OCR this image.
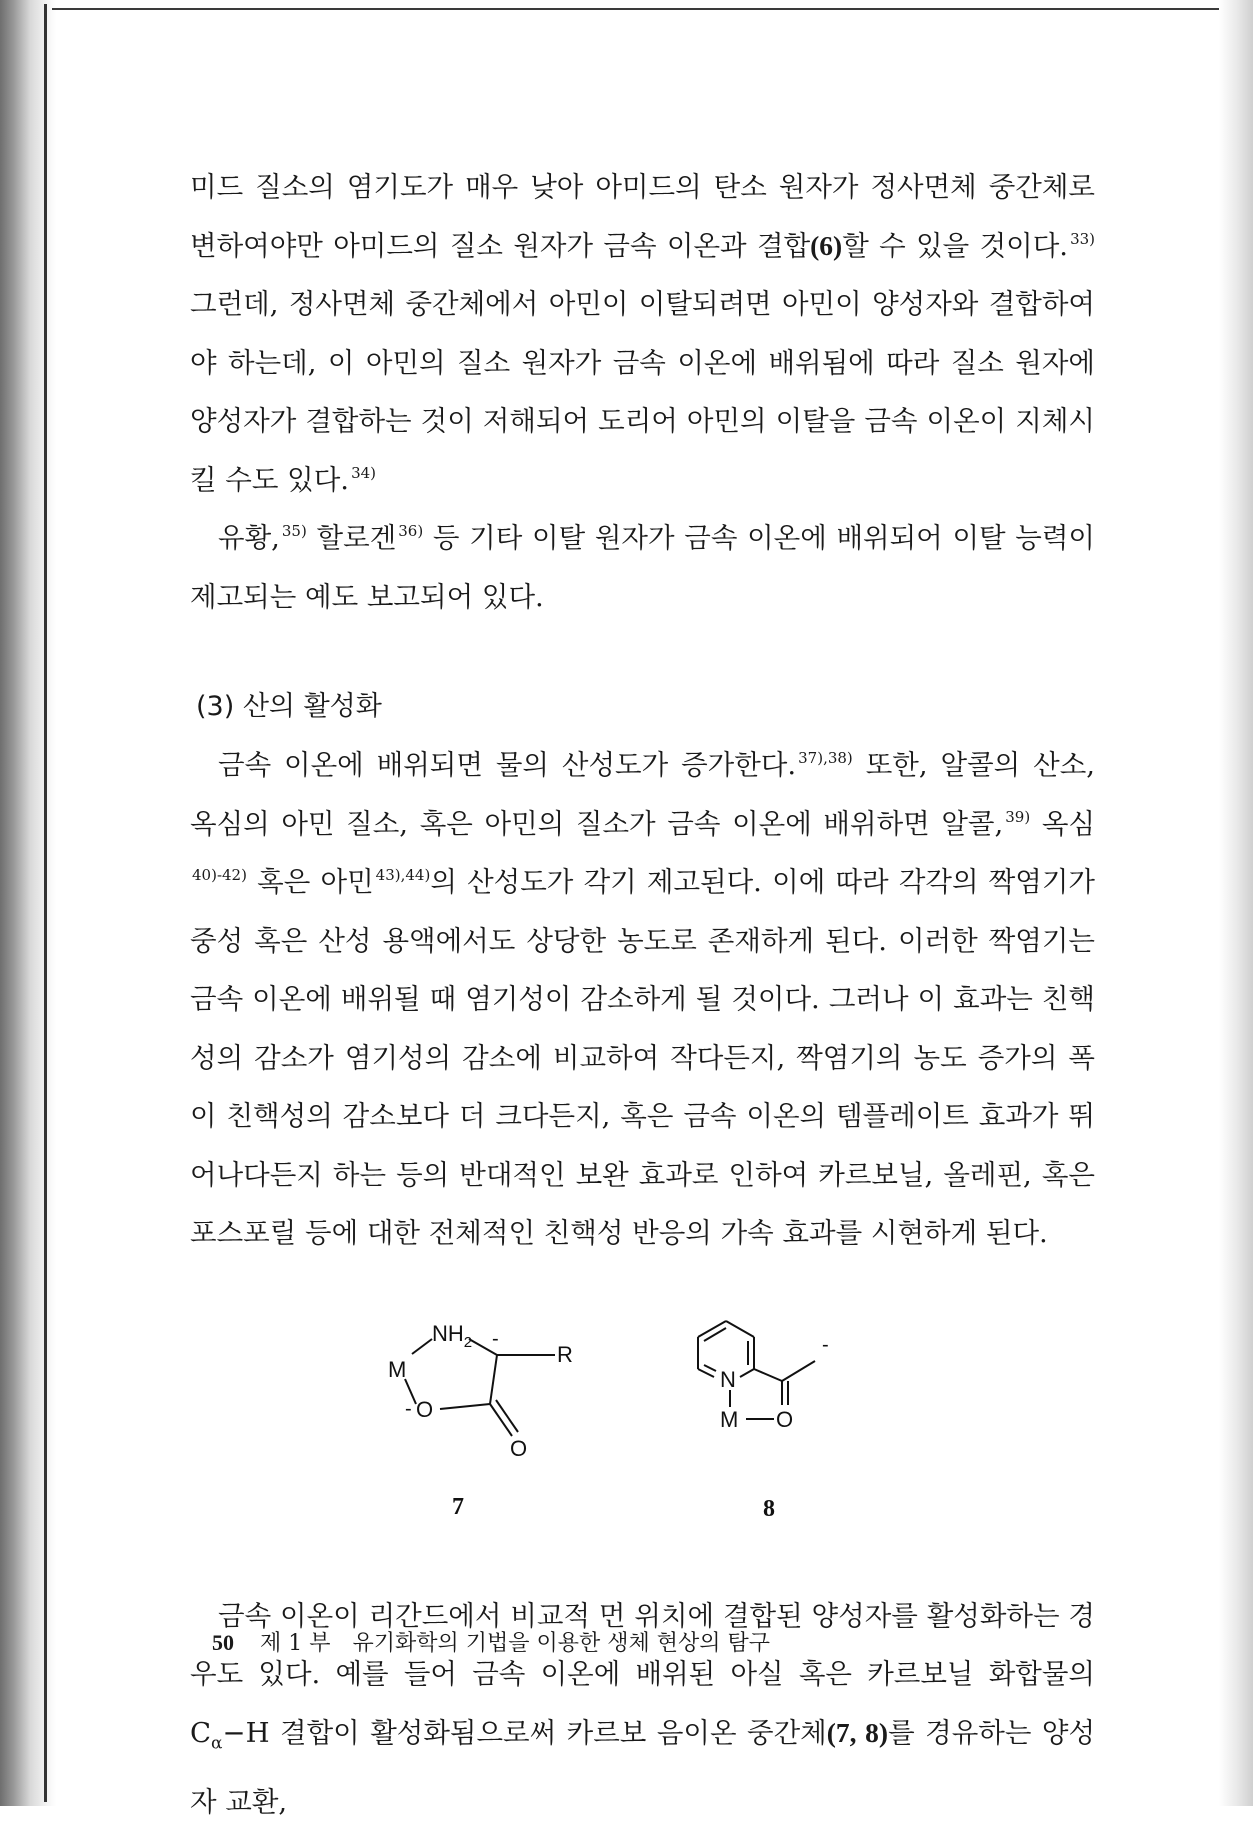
미드 질소의 염기도가 매우 낮아 아미드의 탄소 원자가 정사면체 중간체로 변하여야만 아미드의 질소 원자가 금속 이온과 결합(6)할 수 있을 것이다. $^{33)}$ 그런데, 정사면체 중간체에서 아민이 이탈되려면 아민이 양성자와 결합하여야 하는데, 이 아민의 질소 원자가 금속 이온에 배위됨에 따라 질소 원자에 양성자가 결합하는 것이 저해되어 도리어 아민의 이탈을 금속 이온이 지체시킬 수도 있다. $^{34)}$

유황, $^{35)}$ 할로겐 $^{36)}$ 등 기타 이탈 원자가 금속 이온에 배위되어 이탈 능력이 제고되는 예도 보고되어 있다.

(3) 산의 활성화

금속 이온에 배위되면 물의 산성도가 증가한다. $^{37),38)}$ 또한, 알콜의 산소, 옥심의 아민 질소, 혹은 아민의 질소가 금속 이온에 배위하면 알콜, $^{39)}$ 옥심$^{40)-42)}$ 혹은 아민 $^{43),44)}$의 산성도가 각기 제고된다. 이에 따라 각각의 짝염기가 중성 혹은 산성 용액에서도 상당한 농도로 존재하게 된다. 이러한 짝염기는 금속 이온에 배위될 때 염기성이 감소하게 될 것이다. 그러나 이 효과는 친핵성의 감소가 염기성의 감소에 비교하여 작다든지, 짝염기의 농도 증가의 폭이 친핵성의 감소보다 더 크다든지, 혹은 금속 이온의 템플레이트 효과가 뛰어나다든지 하는 등의 반대적인 보완 효과로 인하여 카르보닐, 올레핀, 혹은 포스포릴 등에 대한 전체적인 친핵성 반응의 가속 효과를 시현하게 된다.

$NH_2$
M
O
-
-
R
O
7
N
M O
-
8

금속 이온이 리간드에서 비교적 먼 위치에 결합된 양성자를 활성화하는 경우도 있다. 예를 들어 금속 이온에 배위된 아실 혹은 카르보닐 화합물의 $C_\alpha-H$ 결합이 활성화됨으로써 카르보 음이온 중간체(7, 8)를 경유하는 양성자 교환,

50 제 1 부 유기화학의 기법을 이용한 생체 현상의 탐구
